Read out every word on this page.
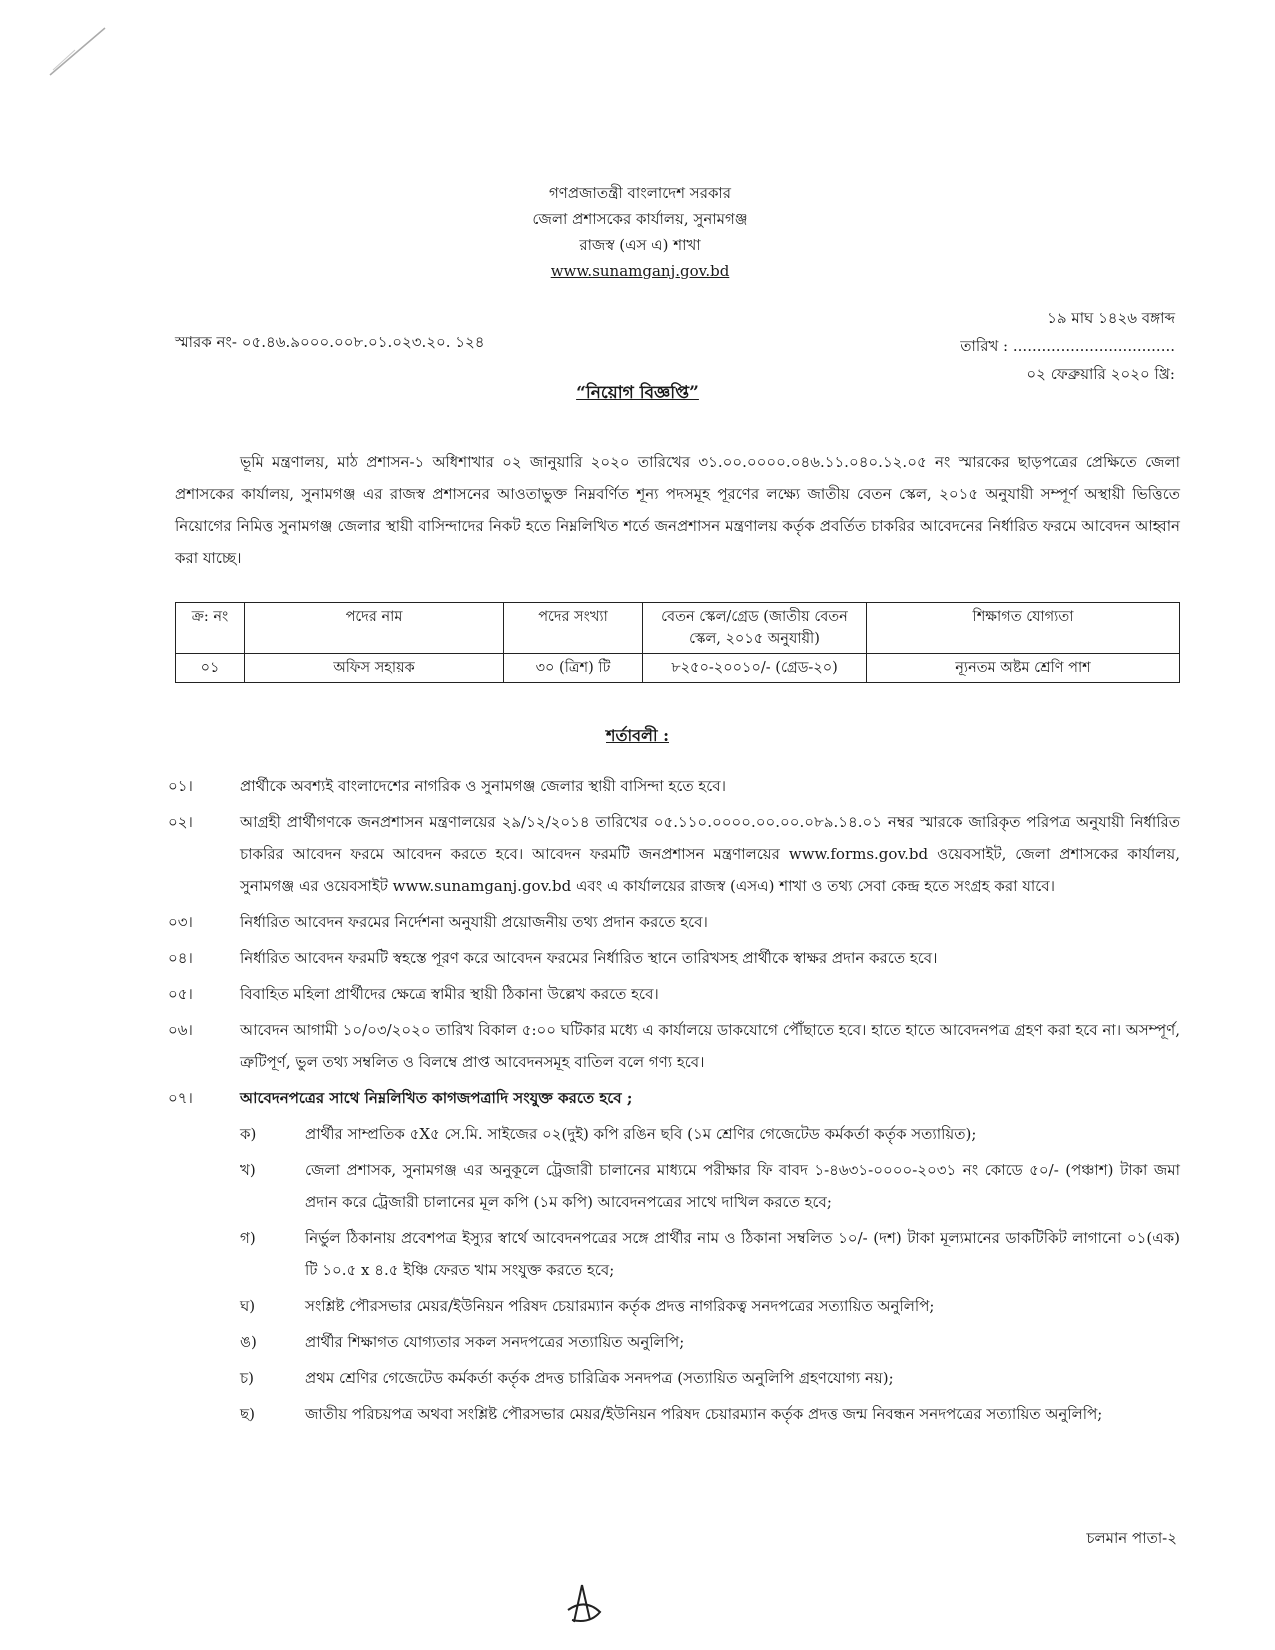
গণপ্রজাতন্ত্রী বাংলাদেশ সরকার
জেলা প্রশাসকের কার্যালয়, সুনামগঞ্জ
রাজস্ব (এস এ) শাখা
www.sunamganj.gov.bd
স্মারক নং- ০৫.৪৬.৯০০০.০০৮.০১.০২৩.২০. ১২৪
১৯ মাঘ ১৪২৬ বঙ্গাব্দ
তারিখ : ..................................
০২ ফেব্রুয়ারি ২০২০ খ্রি:
“নিয়োগ বিজ্ঞপ্তি”
ভূমি মন্ত্রণালয়, মাঠ প্রশাসন-১ অধিশাখার ০২ জানুয়ারি ২০২০ তারিখের ৩১.০০.০০০০.০৪৬.১১.০৪০.১২.০৫ নং স্মারকের ছাড়পত্রের প্রেক্ষিতে জেলা প্রশাসকের কার্যালয়, সুনামগঞ্জ এর রাজস্ব প্রশাসনের আওতাভুক্ত নিম্নবর্ণিত শূন্য পদসমূহ পূরণের লক্ষ্যে জাতীয় বেতন স্কেল, ২০১৫ অনুযায়ী সম্পূর্ণ অস্থায়ী ভিত্তিতে নিয়োগের নিমিত্ত সুনামগঞ্জ জেলার স্থায়ী বাসিন্দাদের নিকট হতে নিম্নলিখিত শর্তে জনপ্রশাসন মন্ত্রণালয় কর্তৃক প্রবর্তিত চাকরির আবেদনের নির্ধারিত ফরমে আবেদন আহ্বান করা যাচ্ছে।
ক্র: নং	পদের নাম	পদের সংখ্যা	বেতন স্কেল/গ্রেড (জাতীয় বেতন স্কেল, ২০১৫ অনুযায়ী)	শিক্ষাগত যোগ্যতা
০১	অফিস সহায়ক	৩০ (ত্রিশ) টি	৮২৫০-২০০১০/- (গ্রেড-২০)	ন্যূনতম অষ্টম শ্রেণি পাশ
শর্তাবলী :
০১।	প্রার্থীকে অবশ্যই বাংলাদেশের নাগরিক ও সুনামগঞ্জ জেলার স্থায়ী বাসিন্দা হতে হবে।
০২।	আগ্রহী প্রার্থীগণকে জনপ্রশাসন মন্ত্রণালয়ের ২৯/১২/২০১৪ তারিখের ০৫.১১০.০০০০.০০.০০.০৮৯.১৪.০১ নম্বর স্মারকে জারিকৃত পরিপত্র অনুযায়ী নির্ধারিত চাকরির আবেদন ফরমে আবেদন করতে হবে। আবেদন ফরমটি জনপ্রশাসন মন্ত্রণালয়ের www.forms.gov.bd ওয়েবসাইট, জেলা প্রশাসকের কার্যালয়, সুনামগঞ্জ এর ওয়েবসাইট www.sunamganj.gov.bd এবং এ কার্যালয়ের রাজস্ব (এসএ) শাখা ও তথ্য সেবা কেন্দ্র হতে সংগ্রহ করা যাবে।
০৩।	নির্ধারিত আবেদন ফরমের নির্দেশনা অনুযায়ী প্রয়োজনীয় তথ্য প্রদান করতে হবে।
০৪।	নির্ধারিত আবেদন ফরমটি স্বহস্তে পূরণ করে আবেদন ফরমের নির্ধারিত স্থানে তারিখসহ প্রার্থীকে স্বাক্ষর প্রদান করতে হবে।
০৫।	বিবাহিত মহিলা প্রার্থীদের ক্ষেত্রে স্বামীর স্থায়ী ঠিকানা উল্লেখ করতে হবে।
০৬।	আবেদন আগামী ১০/০৩/২০২০ তারিখ বিকাল ৫:০০ ঘটিকার মধ্যে এ কার্যালয়ে ডাকযোগে পৌঁছাতে হবে। হাতে হাতে আবেদনপত্র গ্রহণ করা হবে না। অসম্পূর্ণ, ত্রুটিপূর্ণ, ভুল তথ্য সম্বলিত ও বিলম্বে প্রাপ্ত আবেদনসমূহ বাতিল বলে গণ্য হবে।
০৭।	আবেদনপত্রের সাথে নিম্নলিখিত কাগজপত্রাদি সংযুক্ত করতে হবে ;
ক)	প্রার্থীর সাম্প্রতিক ৫X৫ সে.মি. সাইজের ০২(দুই) কপি রঙিন ছবি (১ম শ্রেণির গেজেটেড কর্মকর্তা কর্তৃক সত্যায়িত);
খ)	জেলা প্রশাসক, সুনামগঞ্জ এর অনুকূলে ট্রেজারী চালানের মাধ্যমে পরীক্ষার ফি বাবদ ১-৪৬৩১-০০০০-২০৩১ নং কোডে ৫০/- (পঞ্চাশ) টাকা জমা প্রদান করে ট্রেজারী চালানের মূল কপি (১ম কপি) আবেদনপত্রের সাথে দাখিল করতে হবে;
গ)	নির্ভুল ঠিকানায় প্রবেশপত্র ইস্যুর স্বার্থে আবেদনপত্রের সঙ্গে প্রার্থীর নাম ও ঠিকানা সম্বলিত ১০/- (দশ) টাকা মূল্যমানের ডাকটিকিট লাগানো ০১(এক) টি ১০.৫ x ৪.৫ ইঞ্চি ফেরত খাম সংযুক্ত করতে হবে;
ঘ)	সংশ্লিষ্ট পৌরসভার মেয়র/ইউনিয়ন পরিষদ চেয়ারম্যান কর্তৃক প্রদত্ত নাগরিকত্ব সনদপত্রের সত্যায়িত অনুলিপি;
ঙ)	প্রার্থীর শিক্ষাগত যোগ্যতার সকল সনদপত্রের সত্যায়িত অনুলিপি;
চ)	প্রথম শ্রেণির গেজেটেড কর্মকর্তা কর্তৃক প্রদত্ত চারিত্রিক সনদপত্র (সত্যায়িত অনুলিপি গ্রহণযোগ্য নয়);
ছ)	জাতীয় পরিচয়পত্র অথবা সংশ্লিষ্ট পৌরসভার মেয়র/ইউনিয়ন পরিষদ চেয়ারম্যান কর্তৃক প্রদত্ত জন্ম নিবন্ধন সনদপত্রের সত্যায়িত অনুলিপি;
চলমান পাতা-২
